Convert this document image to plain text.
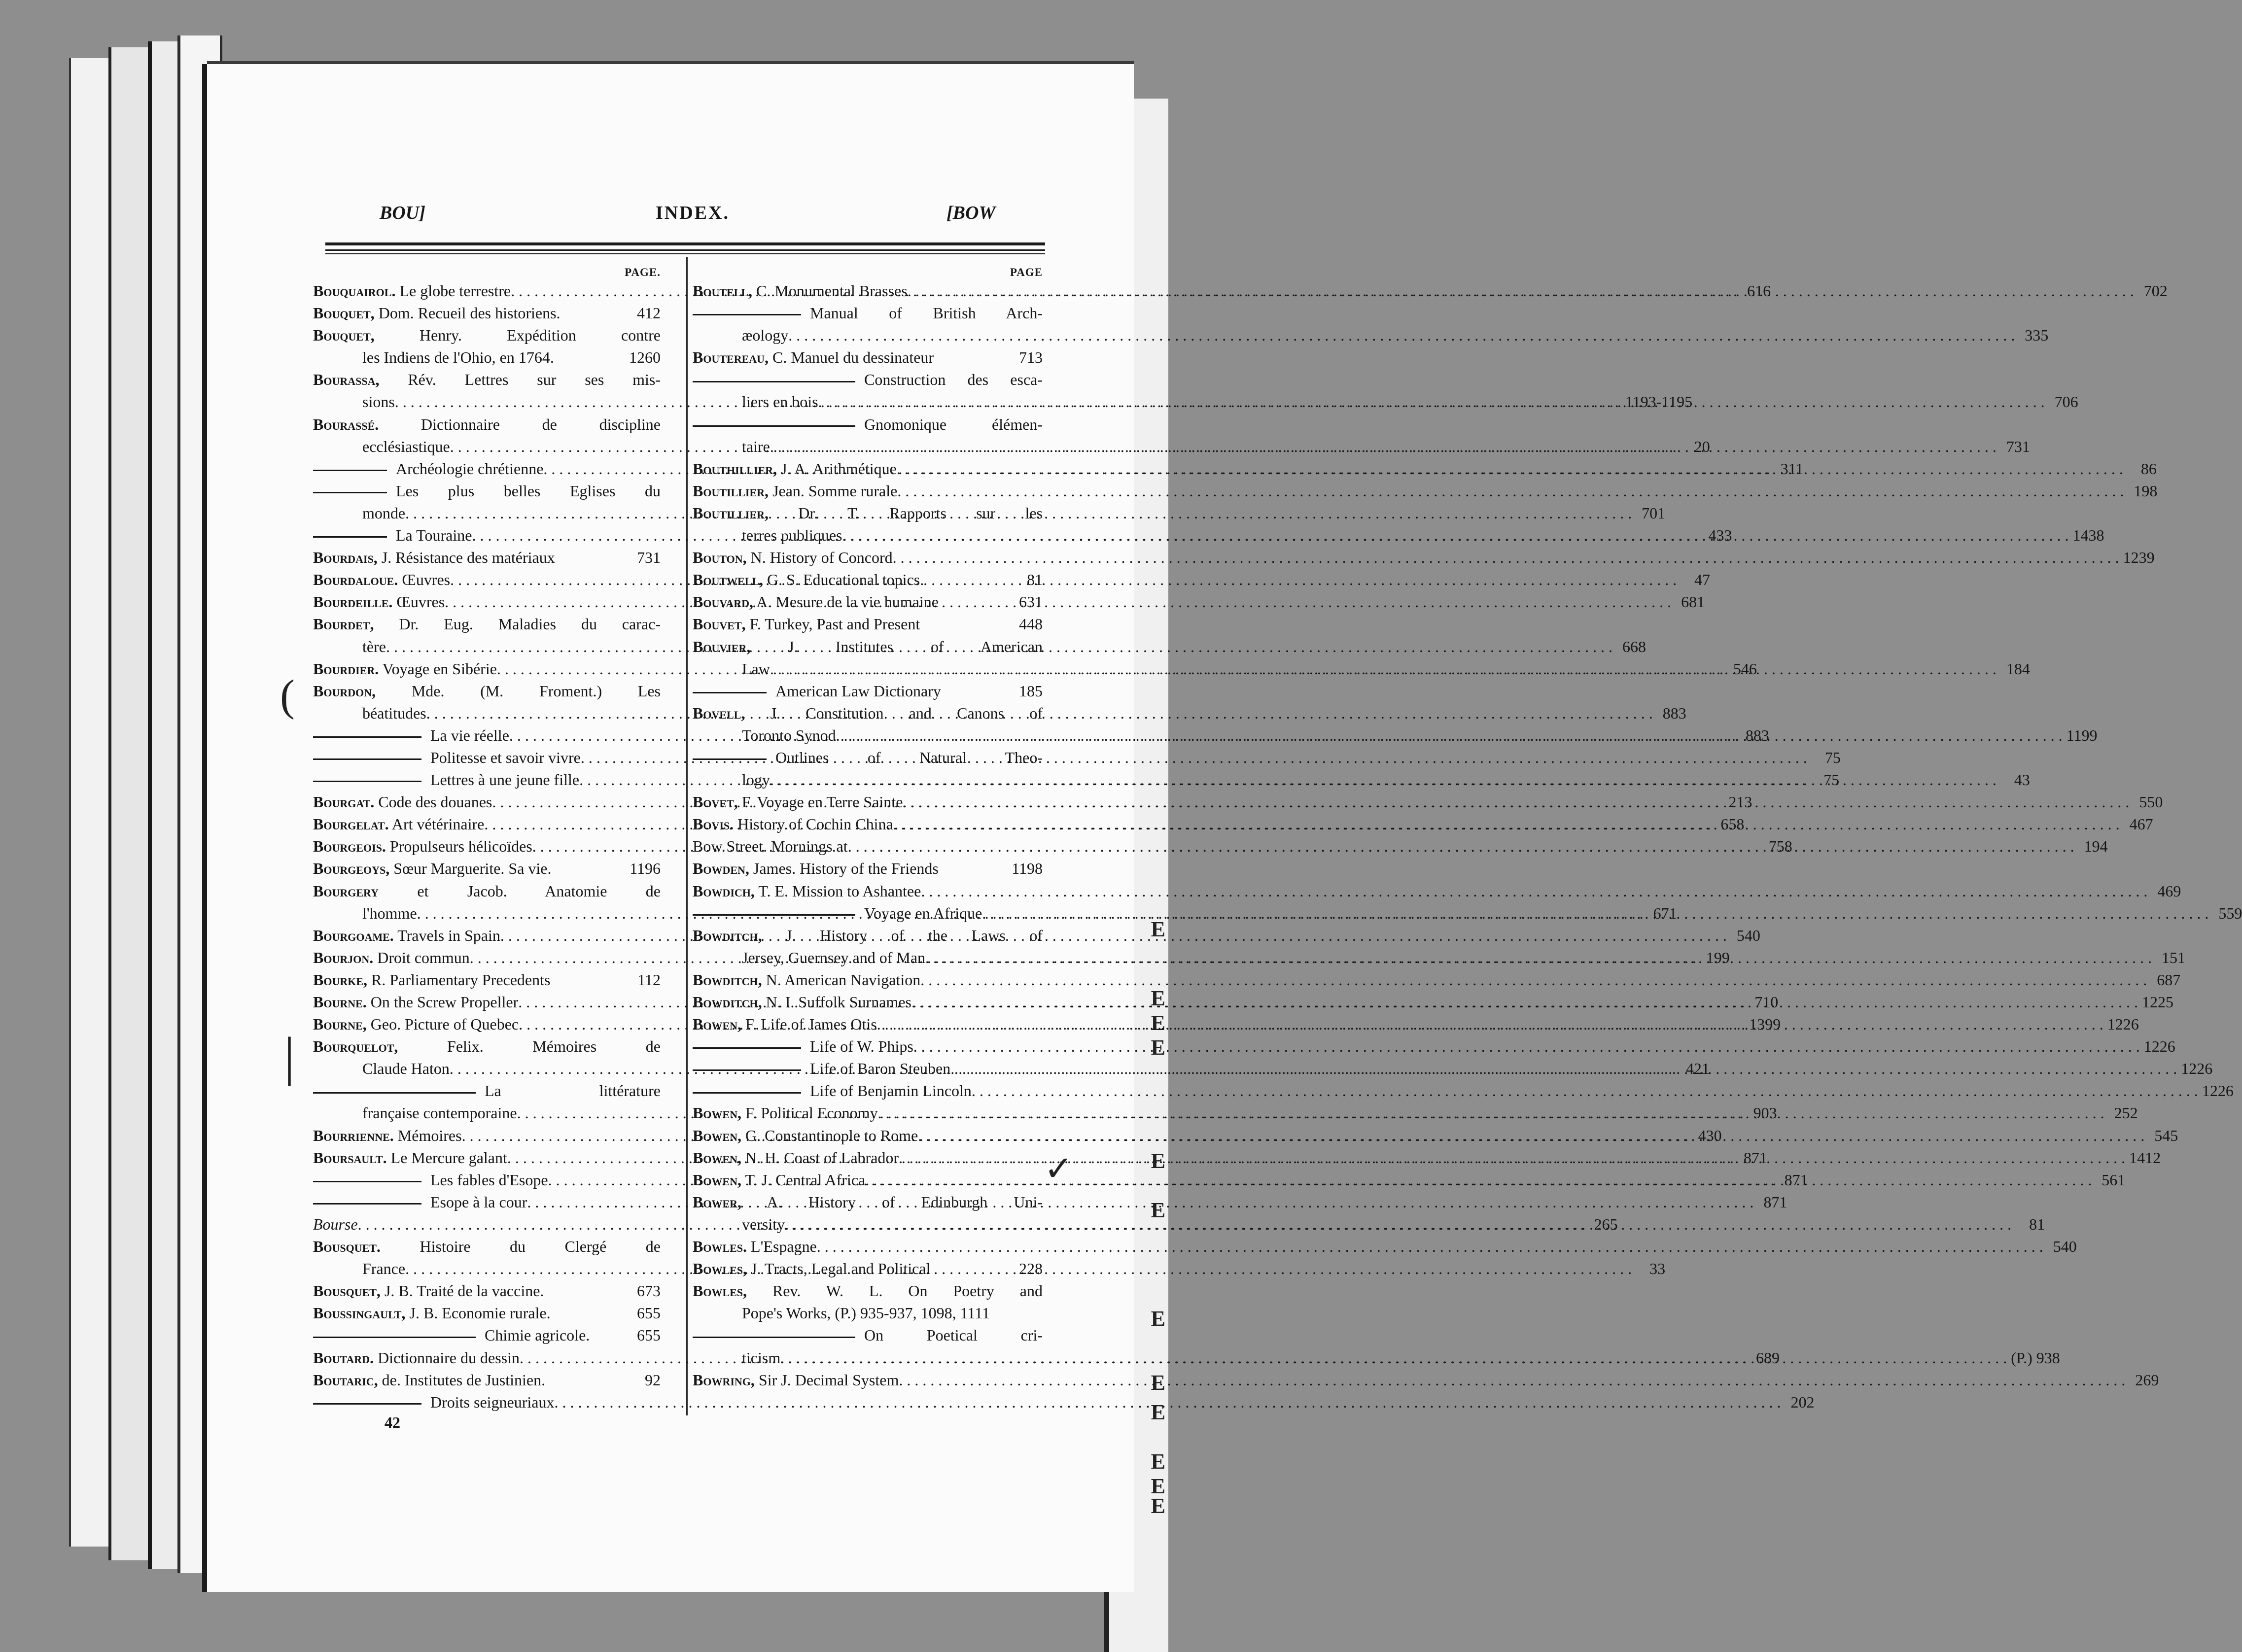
E
E
E
E
E
E
E
E
E
E
E
E
BOU]	INDEX.	[BOW
PAGE.
Bouquairol. Le globe terrestre . . .	616
Bouquet, Dom. Recueil des historiens.	412
Bouquet,	Henry. Expédition contre
les Indiens de l'Ohio, en 1764.	1260
Bourassa, Rév. Lettres sur ses mis-
sions . . .	1193-1195
Bourassé.	Dictionnaire de discipline
ecclésiastique . . .	20
Archéologie chrétienne . . .	311
Les plus belles Eglises du
monde . . .	701
La Touraine . . .	433
Bourdais, J. Résistance des matériaux	731
Bourdaloue. Œuvres . . .	47
Bourdeille. Œuvres . . .	681
Bourdet, Dr. Eug. Maladies du carac-
tère . . .	668
Bourdier. Voyage en Sibérie . . .	546
Bourdon, Mde. (M. Froment.) Les
béatitudes . . .	883
La vie réelle . . .	883
Politesse et savoir vivre . . .	75
Lettres à une jeune fille . . .	75
Bourgat. Code des douanes . . .	213
Bourgelat. Art vétérinaire . . .	658
Bourgeois. Propulseurs hélicoïdes . . .	758
Bourgeoys, Sœur Marguerite. Sa vie.	1196
Bourgery et Jacob. Anatomie de
l'homme . . .	671
Bourgoame. Travels in Spain . . .	540
Bourjon. Droit commun . . .	199
Bourke, R. Parliamentary Precedents	112
Bourne. On the Screw Propeller . . .	710
Bourne, Geo. Picture of Quebec . . .	1399
Bourquelot,	Felix. Mémoires de
Claude Haton . . .	421
La littérature
française contemporaine . . .	903
Bourrienne. Mémoires . . .	430
Boursault. Le Mercure galant . . .	871
Les fables d'Esope . . .	871
Esope à la cour . . .	871
Bourse . . .	265
Bousquet. Histoire du Clergé de
France . . .	33
Bousquet, J. B. Traité de la vaccine.	673
Boussingault, J. B. Economie rurale.	655
Chimie agricole.	655
Boutard. Dictionnaire du dessin . . .	689
Boutaric, de. Institutes de Justinien.	92
Droits seigneuriaux . . .	202
PAGE
Boutell, C. Monumental Brasses . . .	702
Manual of British Arch-
æology . . .	335
Boutereau, C. Manuel du dessinateur	713
Construction des esca-
liers en bois . . .	706
Gnomonique élémen-
taire . . .	731
Bouthillier, J. A. Arithmétique . . .	86
Boutillier, Jean. Somme rurale . . .	198
Boutillier, Dr. T. Rapports sur les
terres publiques . . .	1438
Bouton, N. History of Concord . . .	1239
Boutwell, G. S. Educational topics.	81
Bouvard, A. Mesure de la vie humaine	631
Bouvet, F. Turkey, Past and Present	448
Bouvier, J. Institutes of American
Law . . .	184
American Law Dictionary	185
Bovell, J. Constitution and Canons of
Toronto Synod . . .	1199
Outlines of Natural Theo-
logy . . .	43
Bovet, F. Voyage en Terre Sainte . . .	550
Bovis. History of Cochin China . . .	467
Bow Street. Mornings at . . .	194
Bowden, James. History of the Friends	1198
Bowdich, T. E. Mission to Ashantee . . .	469
Voyage en Afrique . . .	559
Bowditch, J. History of the Laws of
Jersey, Guernsey and of Man . . .	151
Bowditch, N. American Navigation . . .	687
Bowditch, N. I. Suffolk Surnames . . .	1225
Bowen, F. Life of James Otis . . .	1226
Life of W. Phips . . .	1226
Life of Baron Steuben . . .	1226
Life of Benjamin Lincoln . . .	1226
Bowen, F. Political Economy . . .	252
Bowen, G. Constantinople to Rome . . .	545
Bowen, N. H. Coast of Labrador . . .	1412
Bowen, T. J. Central Africa . . .	561
Bower, A. History of Edinburgh Uni-
versity . . .	81
Bowles. L'Espagne . . .	540
Bowles, J. Tracts, Legal and Political	228
Bowles, Rev. W. L. On Poetry and
Pope's Works, (P.) 935-937, 1098, 1111
On Poetical cri-
ticism . . .	(P.) 938
Bowring, Sir J. Decimal System . . .	269
42
(
|
✓
